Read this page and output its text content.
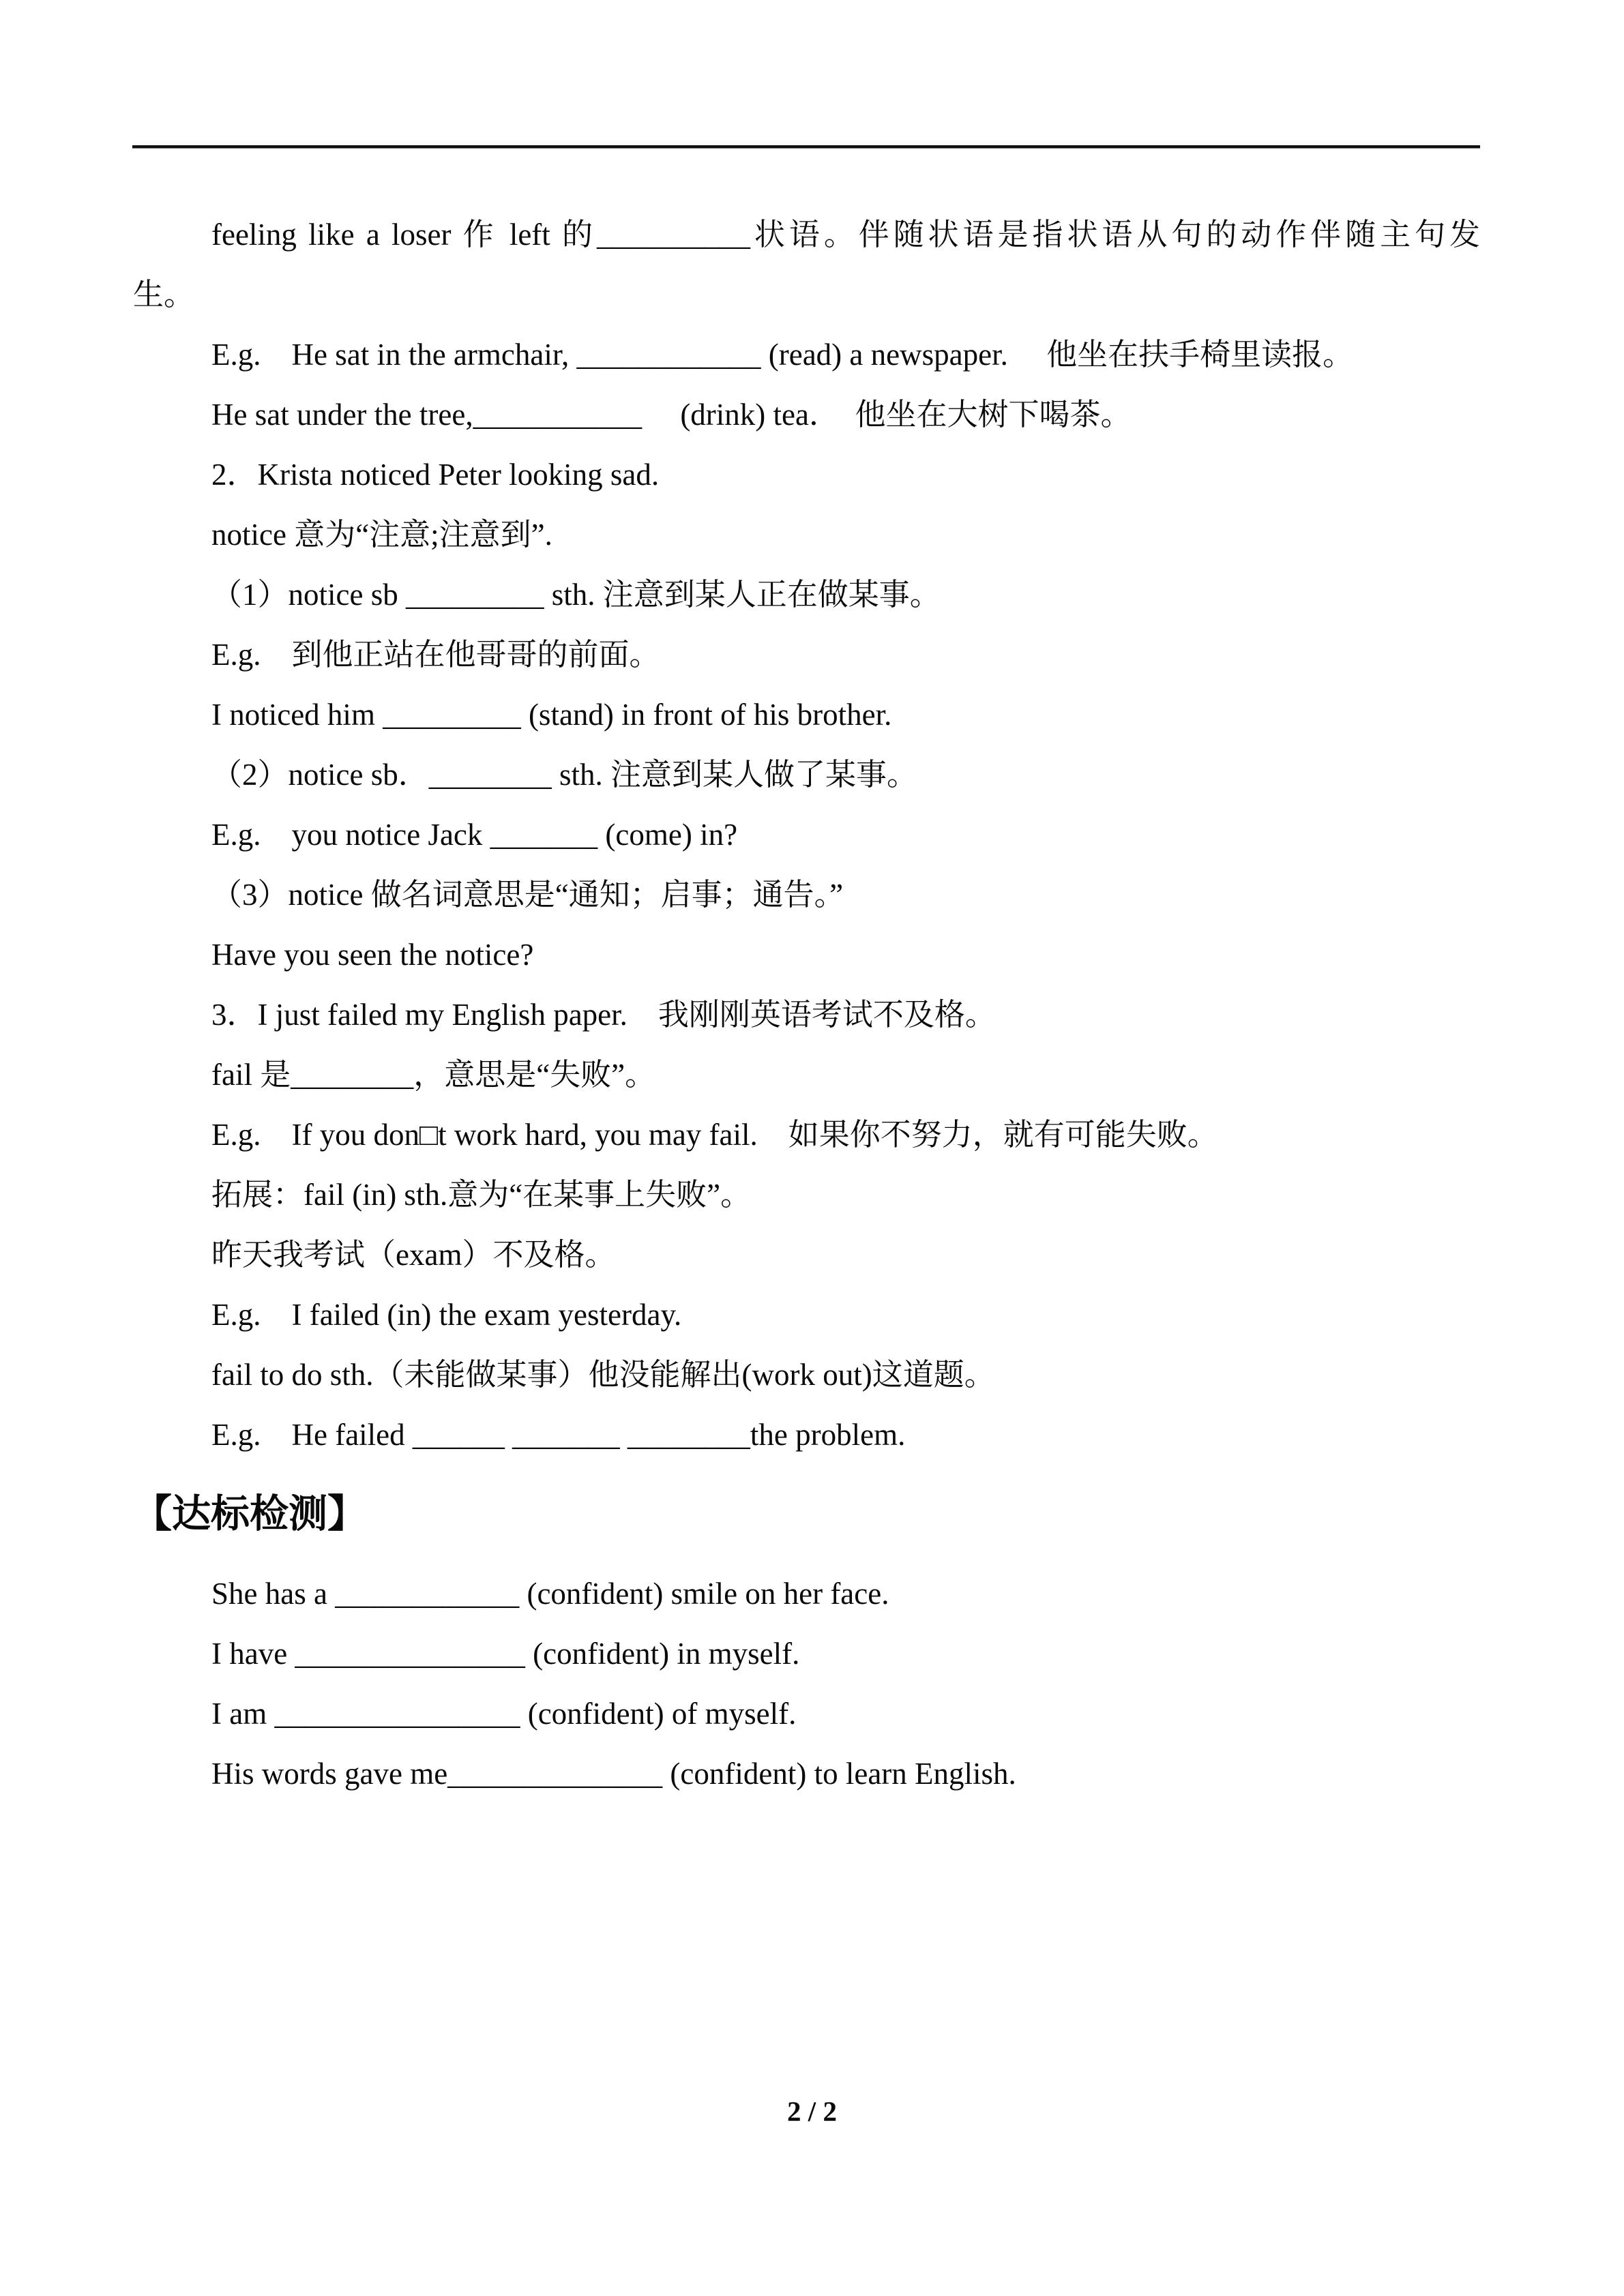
feeling like a loser 作 left 的__________状语。伴随状语是指状语从句的动作伴随主句发

生。

E.g.　He sat in the armchair, ____________ (read) a newspaper.　 他坐在扶手椅里读报。

He sat under the tree,___________　 (drink) tea．  他坐在大树下喝茶。

2．Krista noticed Peter looking sad.

notice 意为“注意;注意到”.

（1）notice sb _________ sth. 注意到某人正在做某事。

E.g.　到他正站在他哥哥的前面。

I noticed him _________ (stand) in front of his brother.

（2）notice sb．________ sth. 注意到某人做了某事。

E.g.　you notice Jack _______ (come) in?

（3）notice 做名词意思是“通知；启事；通告。”

Have you seen the notice?

3．I just failed my English paper.　我刚刚英语考试不及格。

fail 是________，意思是“失败”。

E.g.　If you don□t work hard, you may fail.　如果你不努力，就有可能失败。

拓展：fail (in) sth.意为“在某事上失败”。

昨天我考试（exam）不及格。

E.g.　I failed (in) the exam yesterday.

fail to do sth.（未能做某事）他没能解出(work out)这道题。

E.g.　He failed ______ _______ ________the problem.

【达标检测】

She has a ____________ (confident) smile on her face.

I have _______________ (confident) in myself.

I am ________________ (confident) of myself.

His words gave me______________ (confident) to learn English.

2 / 2
